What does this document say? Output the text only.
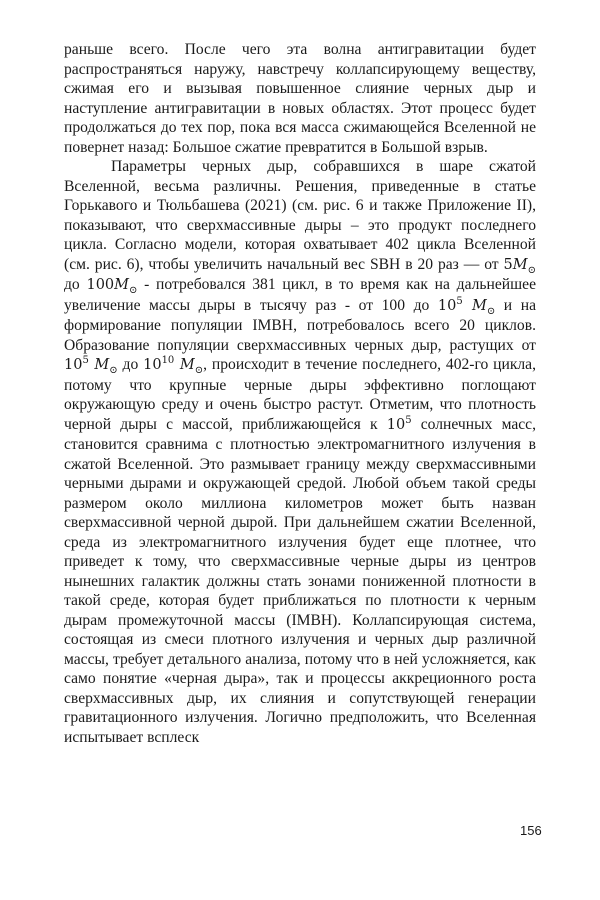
раньше всего. После чего эта волна антигравитации будет распространяться наружу, навстречу коллапсирующему веществу, сжимая его и вызывая повышенное слияние черных дыр и наступление антигравитации в новых областях. Этот процесс будет продолжаться до тех пор, пока вся масса сжимающейся Вселенной не повернет назад: Большое сжатие превратится в Большой взрыв.

Параметры черных дыр, собравшихся в шаре сжатой Вселенной, весьма различны. Решения, приведенные в статье Горькавого и Тюльбашева (2021) (см. рис. 6 и также Приложение II), показывают, что сверхмассивные дыры – это продукт последнего цикла. Согласно модели, которая охватывает 402 цикла Вселенной (см. рис. 6), чтобы увеличить начальный вес SBH в 20 раз — от $5M_⊙$ до $100M_⊙$ - потребовался 381 цикл, в то время как на дальнейшее увеличение массы дыры в тысячу раз - от 100 до $10^5$ $M_⊙$ и на формирование популяции IMBH, потребовалось всего 20 циклов. Образование популяции сверхмассивных черных дыр, растущих от $10^5$ $M_⊙$ до $10^{10}$ $M_⊙$, происходит в течение последнего, 402-го цикла, потому что крупные черные дыры эффективно поглощают окружающую среду и очень быстро растут. Отметим, что плотность черной дыры с массой, приближающейся к $10^5$ солнечных масс, становится сравнима с плотностью электромагнитного излучения в сжатой Вселенной. Это размывает границу между сверхмассивными черными дырами и окружающей средой. Любой объем такой среды размером около миллиона километров может быть назван сверхмассивной черной дырой. При дальнейшем сжатии Вселенной, среда из электромагнитного излучения будет еще плотнее, что приведет к тому, что сверхмассивные черные дыры из центров нынешних галактик должны стать зонами пониженной плотности в такой среде, которая будет приближаться по плотности к черным дырам промежуточной массы (IMBH). Коллапсирующая система, состоящая из смеси плотного излучения и черных дыр различной массы, требует детального анализа, потому что в ней усложняется, как само понятие «черная дыра», так и процессы аккреционного роста сверхмассивных дыр, их слияния и сопутствующей генерации гравитационного излучения. Логично предположить, что Вселенная испытывает всплеск

156
